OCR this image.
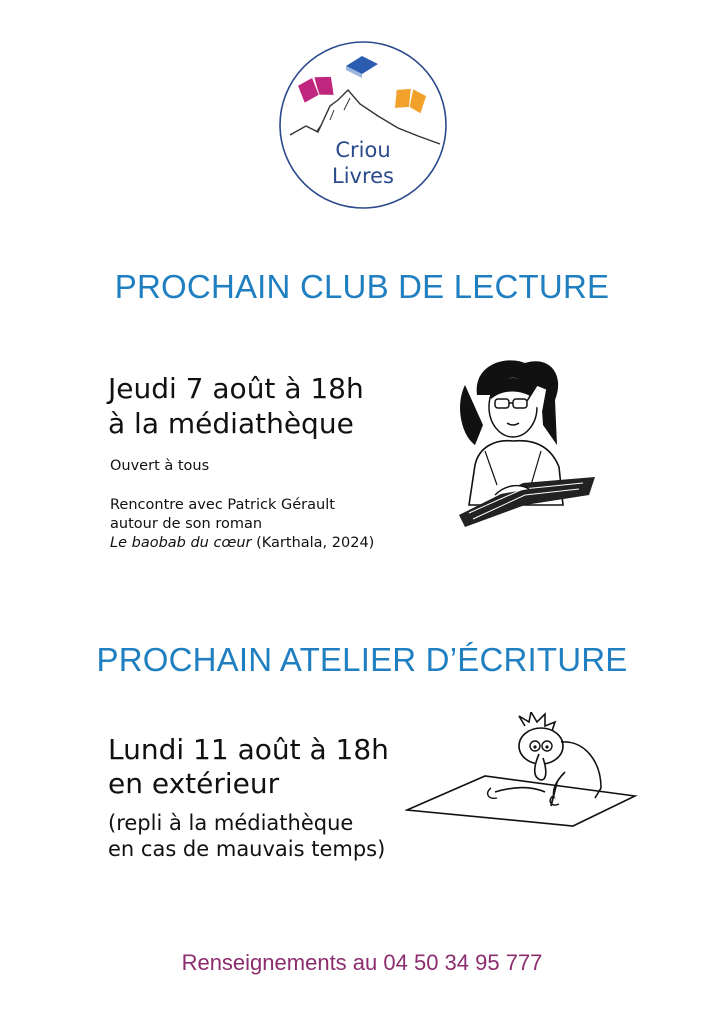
Criou
Livres
PROCHAIN CLUB DE LECTURE
Jeudi 7 août à 18h
à la médiathèque
Ouvert à tous
Rencontre avec Patrick Gérault
autour de son roman
Le baobab du cœur (Karthala, 2024)
PROCHAIN ATELIER D’ÉCRITURE
Lundi 11 août à 18h
en extérieur
(repli à la médiathèque
en cas de mauvais temps)
Renseignements au 04 50 34 95 777
